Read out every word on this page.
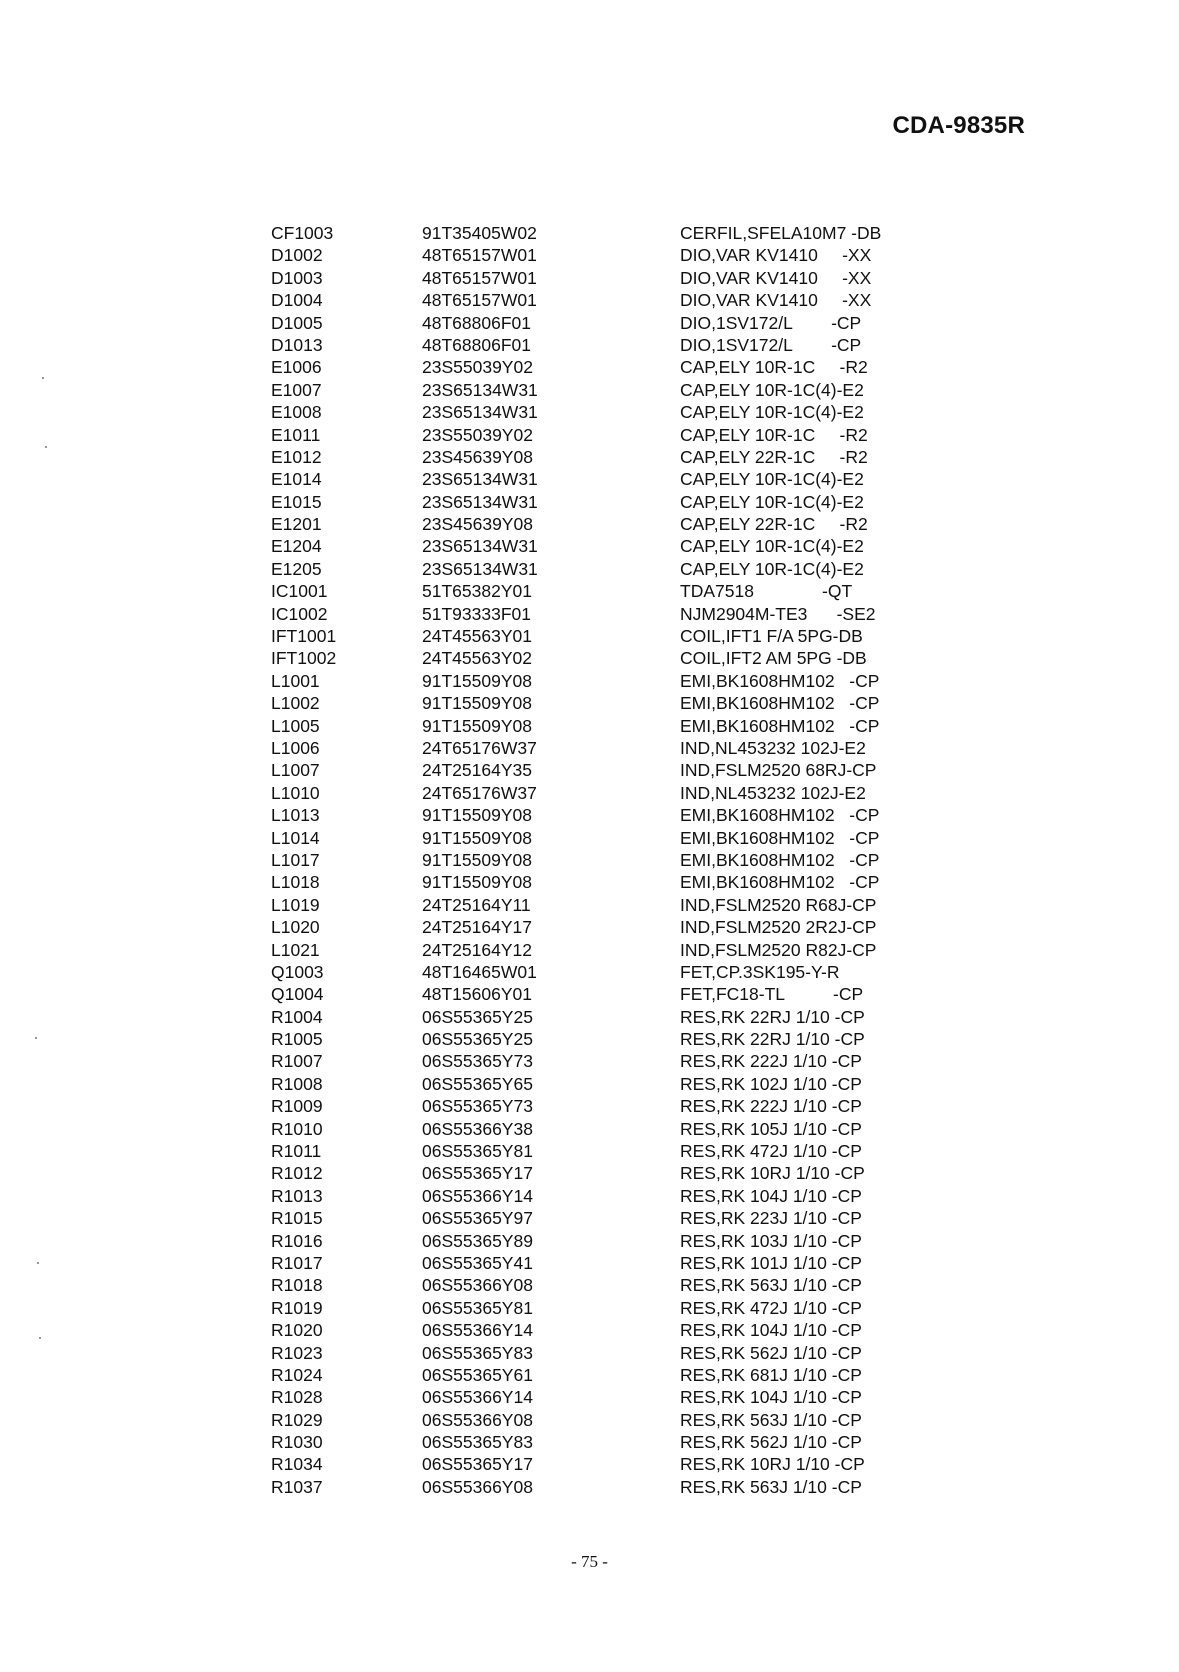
CDA-9835R
CF1003	91T35405W02	CERFIL,SFELA10M7 -DB
D1002	48T65157W01	DIO,VAR KV1410     -XX
D1003	48T65157W01	DIO,VAR KV1410     -XX
D1004	48T65157W01	DIO,VAR KV1410     -XX
D1005	48T68806F01	DIO,1SV172/L        -CP
D1013	48T68806F01	DIO,1SV172/L        -CP
E1006	23S55039Y02	CAP,ELY 10R-1C     -R2
E1007	23S65134W31	CAP,ELY 10R-1C(4)-E2
E1008	23S65134W31	CAP,ELY 10R-1C(4)-E2
E1011	23S55039Y02	CAP,ELY 10R-1C     -R2
E1012	23S45639Y08	CAP,ELY 22R-1C     -R2
E1014	23S65134W31	CAP,ELY 10R-1C(4)-E2
E1015	23S65134W31	CAP,ELY 10R-1C(4)-E2
E1201	23S45639Y08	CAP,ELY 22R-1C     -R2
E1204	23S65134W31	CAP,ELY 10R-1C(4)-E2
E1205	23S65134W31	CAP,ELY 10R-1C(4)-E2
IC1001	51T65382Y01	TDA7518              -QT
IC1002	51T93333F01	NJM2904M-TE3      -SE2
IFT1001	24T45563Y01	COIL,IFT1 F/A 5PG-DB
IFT1002	24T45563Y02	COIL,IFT2 AM 5PG -DB
L1001	91T15509Y08	EMI,BK1608HM102   -CP
L1002	91T15509Y08	EMI,BK1608HM102   -CP
L1005	91T15509Y08	EMI,BK1608HM102   -CP
L1006	24T65176W37	IND,NL453232 102J-E2
L1007	24T25164Y35	IND,FSLM2520 68RJ-CP
L1010	24T65176W37	IND,NL453232 102J-E2
L1013	91T15509Y08	EMI,BK1608HM102   -CP
L1014	91T15509Y08	EMI,BK1608HM102   -CP
L1017	91T15509Y08	EMI,BK1608HM102   -CP
L1018	91T15509Y08	EMI,BK1608HM102   -CP
L1019	24T25164Y11	IND,FSLM2520 R68J-CP
L1020	24T25164Y17	IND,FSLM2520 2R2J-CP
L1021	24T25164Y12	IND,FSLM2520 R82J-CP
Q1003	48T16465W01	FET,CP.3SK195-Y-R
Q1004	48T15606Y01	FET,FC18-TL          -CP
R1004	06S55365Y25	RES,RK 22RJ 1/10 -CP
R1005	06S55365Y25	RES,RK 22RJ 1/10 -CP
R1007	06S55365Y73	RES,RK 222J 1/10 -CP
R1008	06S55365Y65	RES,RK 102J 1/10 -CP
R1009	06S55365Y73	RES,RK 222J 1/10 -CP
R1010	06S55366Y38	RES,RK 105J 1/10 -CP
R1011	06S55365Y81	RES,RK 472J 1/10 -CP
R1012	06S55365Y17	RES,RK 10RJ 1/10 -CP
R1013	06S55366Y14	RES,RK 104J 1/10 -CP
R1015	06S55365Y97	RES,RK 223J 1/10 -CP
R1016	06S55365Y89	RES,RK 103J 1/10 -CP
R1017	06S55365Y41	RES,RK 101J 1/10 -CP
R1018	06S55366Y08	RES,RK 563J 1/10 -CP
R1019	06S55365Y81	RES,RK 472J 1/10 -CP
R1020	06S55366Y14	RES,RK 104J 1/10 -CP
R1023	06S55365Y83	RES,RK 562J 1/10 -CP
R1024	06S55365Y61	RES,RK 681J 1/10 -CP
R1028	06S55366Y14	RES,RK 104J 1/10 -CP
R1029	06S55366Y08	RES,RK 563J 1/10 -CP
R1030	06S55365Y83	RES,RK 562J 1/10 -CP
R1034	06S55365Y17	RES,RK 10RJ 1/10 -CP
R1037	06S55366Y08	RES,RK 563J 1/10 -CP
- 75 -
